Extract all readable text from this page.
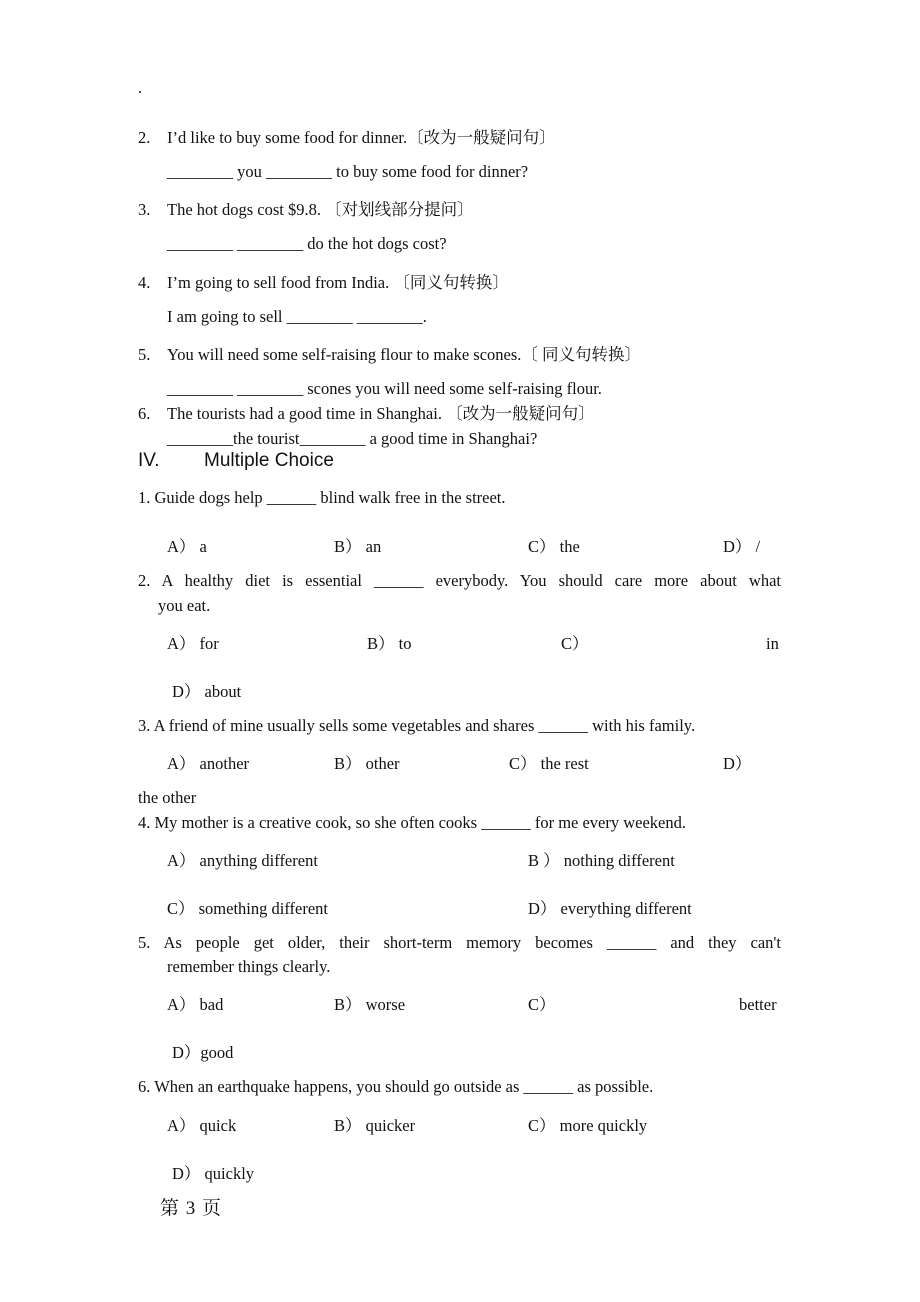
.
2. I’d like to buy some food for dinner.〔改为一般疑问句〕
________ you ________ to buy some food for dinner?
3. The hot dogs cost $9.8. 〔对划线部分提问〕
________ ________ do the hot dogs cost?
4. I’m going to sell food from India. 〔同义句转换〕
I am going to sell ________ ________.
5. You will need some self-raising flour to make scones.〔 同义句转换〕
________ ________ scones you will need some self-raising flour.
6. The tourists had a good time in Shanghai. 〔改为一般疑问句〕
________the tourist________ a good time in Shanghai?
IV. Multiple Choice
1. Guide dogs help ______ blind walk free in the street.
A） a	B） an	C） the	D） /
2. A healthy diet is essential ______ everybody. You should care more about what
you eat.
A） for	B） to	C）	in
D） about
3. A friend of mine usually sells some vegetables and shares ______ with his family.
A） another	B） other	C） the rest	D）
the other
4. My mother is a creative cook, so she often cooks ______ for me every weekend.
A） anything different	B ） nothing different
C） something different	D） everything different
5. As people get older, their short-term memory becomes ______ and they can't
remember things clearly.
A） bad	B） worse	C）	better
D）good
6. When an earthquake happens, you should go outside as ______ as possible.
A） quick	B） quicker	C） more quickly
D） quickly
第 3 页
